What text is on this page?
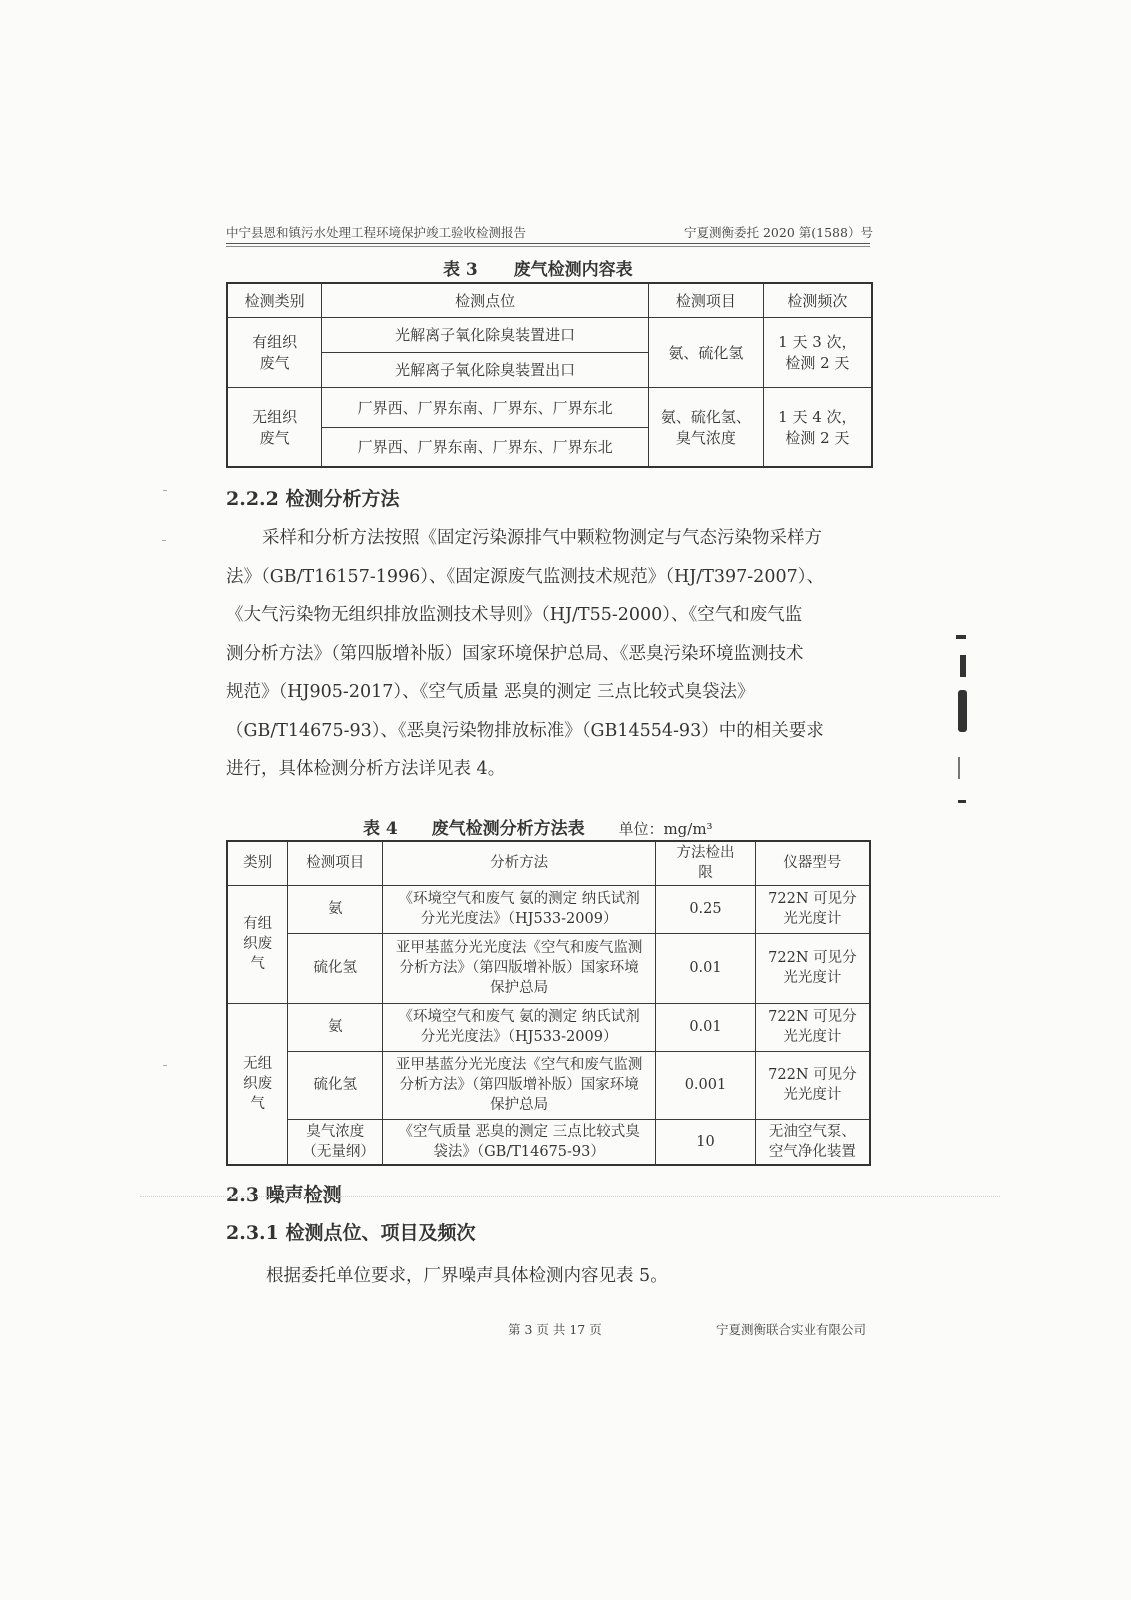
中宁县恩和镇污水处理工程环境保护竣工验收检测报告	宁夏测衡委托 2020 第(1588）号
表 3 废气检测内容表
检测类别	检测点位	检测项目	检测频次
有组织废气	光解离子氧化除臭装置进口	氨、硫化氢	1 天 3 次，检测 2 天
	光解离子氧化除臭装置出口		
无组织废气	厂界西、厂界东南、厂界东、厂界东北	氨、硫化氢、臭气浓度	1 天 4 次，检测 2 天
	厂界西、厂界东南、厂界东、厂界东北		
2.2.2 检测分析方法
采样和分析方法按照《固定污染源排气中颗粒物测定与气态污染物采样方
法》（GB/T16157-1996）、《固定源废气监测技术规范》（HJ/T397-2007）、
《大气污染物无组织排放监测技术导则》（HJ/T55-2000）、《空气和废气监
测分析方法》（第四版增补版）国家环境保护总局、《恶臭污染环境监测技术
规范》（HJ905-2017）、《空气质量 恶臭的测定 三点比较式臭袋法》
（GB/T14675-93）、《恶臭污染物排放标准》（GB14554-93）中的相关要求
进行，具体检测分析方法详见表 4。
表 4 废气检测分析方法表 单位：mg/m³
类别	检测项目	分析方法	方法检出限	仪器型号
有组织废气	氨	《环境空气和废气 氨的测定 纳氏试剂分光光度法》（HJ533-2009）	0.25	722N 可见分光光度计
	硫化氢	亚甲基蓝分光光度法《空气和废气监测分析方法》（第四版增补版）国家环境保护总局	0.01	722N 可见分光光度计
无组织废气	氨	《环境空气和废气 氨的测定 纳氏试剂分光光度法》（HJ533-2009）	0.01	722N 可见分光光度计
	硫化氢	亚甲基蓝分光光度法《空气和废气监测分析方法》（第四版增补版）国家环境保护总局	0.001	722N 可见分光光度计
	臭气浓度（无量纲）	《空气质量 恶臭的测定 三点比较式臭袋法》（GB/T14675-93）	10	无油空气泵、空气净化装置
2.3 噪声检测
2.3.1 检测点位、项目及频次
根据委托单位要求，厂界噪声具体检测内容见表 5。
第 3 页 共 17 页	宁夏测衡联合实业有限公司
